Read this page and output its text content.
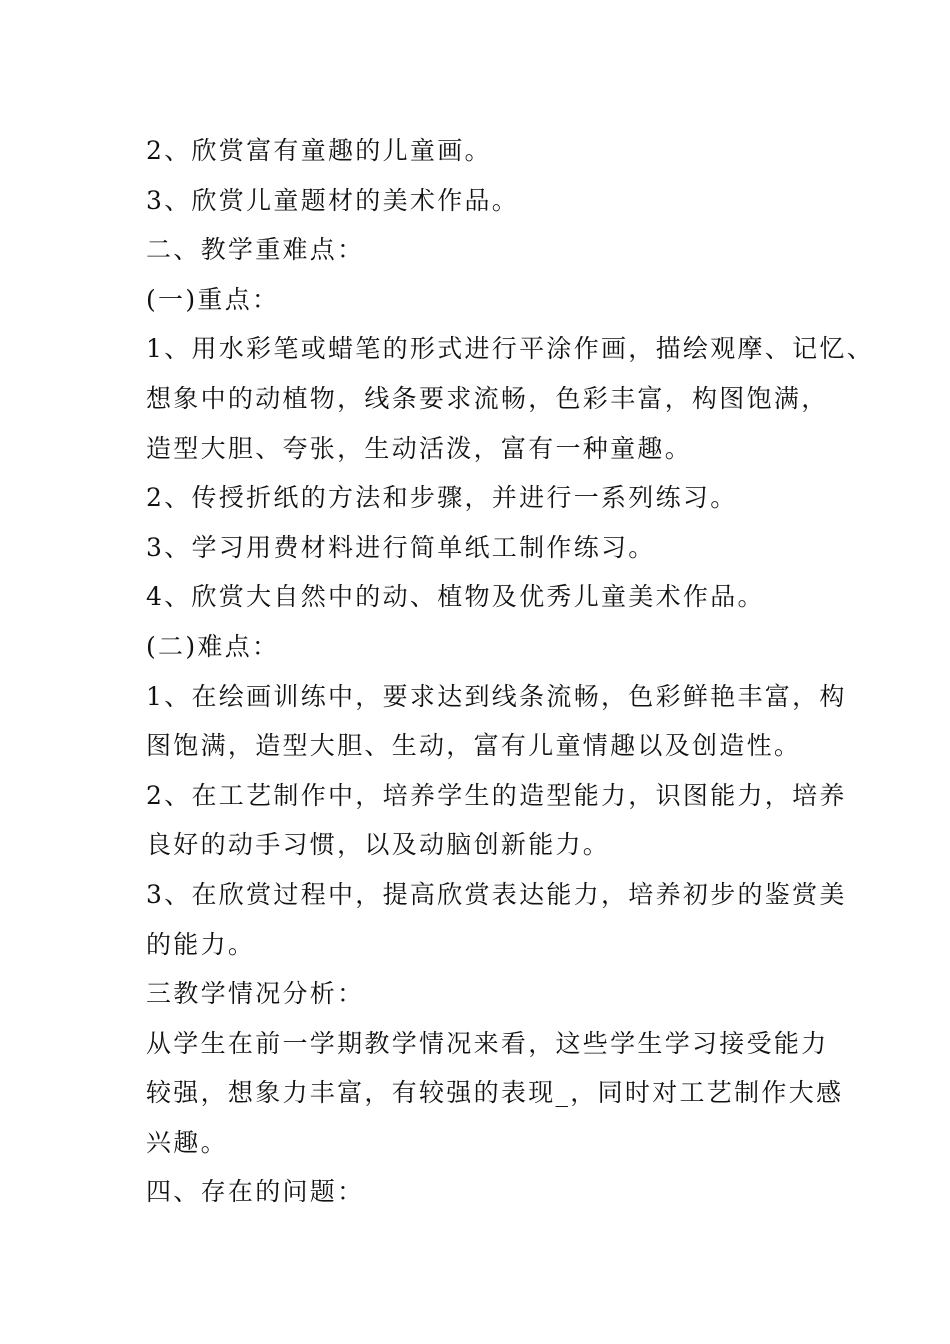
2、欣赏富有童趣的儿童画。
3、欣赏儿童题材的美术作品。
二、教学重难点：
(一)重点：
1、用水彩笔或蜡笔的形式进行平涂作画，描绘观摩、记忆、
想象中的动植物，线条要求流畅，色彩丰富，构图饱满，
造型大胆、夸张，生动活泼，富有一种童趣。
2、传授折纸的方法和步骤，并进行一系列练习。
3、学习用费材料进行简单纸工制作练习。
4、欣赏大自然中的动、植物及优秀儿童美术作品。
(二)难点：
1、在绘画训练中，要求达到线条流畅，色彩鲜艳丰富，构
图饱满，造型大胆、生动，富有儿童情趣以及创造性。
2、在工艺制作中，培养学生的造型能力，识图能力，培养
良好的动手习惯，以及动脑创新能力。
3、在欣赏过程中，提高欣赏表达能力，培养初步的鉴赏美
的能力。
三教学情况分析：
从学生在前一学期教学情况来看，这些学生学习接受能力
较强，想象力丰富，有较强的表现_，同时对工艺制作大感
兴趣。
四、存在的问题：
